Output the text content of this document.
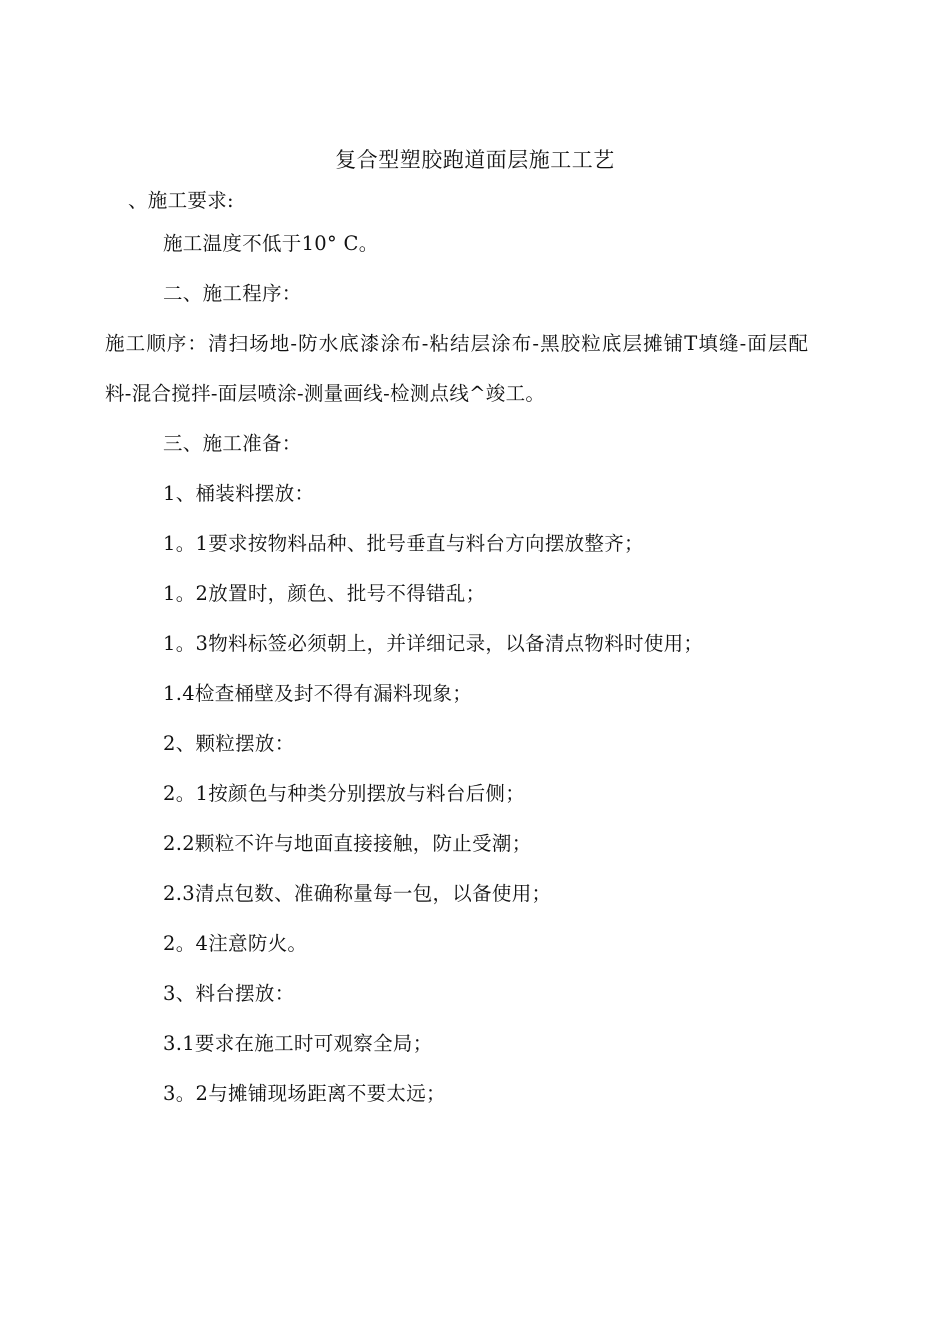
复合型塑胶跑道面层施工工艺
、施工要求:
施工温度不低于10° C。
二、施工程序：
施工顺序：清扫场地-防水底漆涂布-粘结层涂布-黑胶粒底层摊铺T填缝-面层配
料-混合搅拌-面层喷涂-测量画线-检测点线^竣工。
三、施工准备：
1、桶装料摆放：
1。1要求按物料品种、批号垂直与料台方向摆放整齐；
1。2放置时，颜色、批号不得错乱；
1。3物料标签必须朝上，并详细记录，以备清点物料时使用；
1.4检查桶壁及封不得有漏料现象；
2、颗粒摆放：
2。1按颜色与种类分别摆放与料台后侧；
2.2颗粒不许与地面直接接触，防止受潮；
2.3清点包数、准确称量每一包，以备使用；
2。4注意防火。
3、料台摆放：
3.1要求在施工时可观察全局；
3。2与摊铺现场距离不要太远；
